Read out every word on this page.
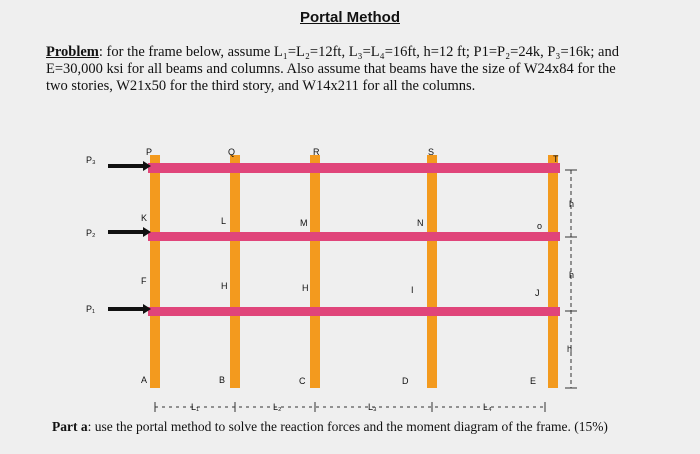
Portal Method
Problem: for the frame below, assume L₁=L₂=12ft, L₃=L₄=16ft, h=12 ft; P1=P₂=24k, P₃=16k; and E=30,000 ksi for all beams and columns. Also assume that beams have the size of W24x84 for the two stories, W21x50 for the third story, and W14x211 for all the columns.
P₃
P₂
P₁
P	Q	R	S
T
K	L	M	N	o
F	H	H	I	J
A	B	C	D	E
h
h
h
L₁	L₂	L₃	L₄
Part a: use the portal method to solve the reaction forces and the moment diagram of the frame. (15%)
